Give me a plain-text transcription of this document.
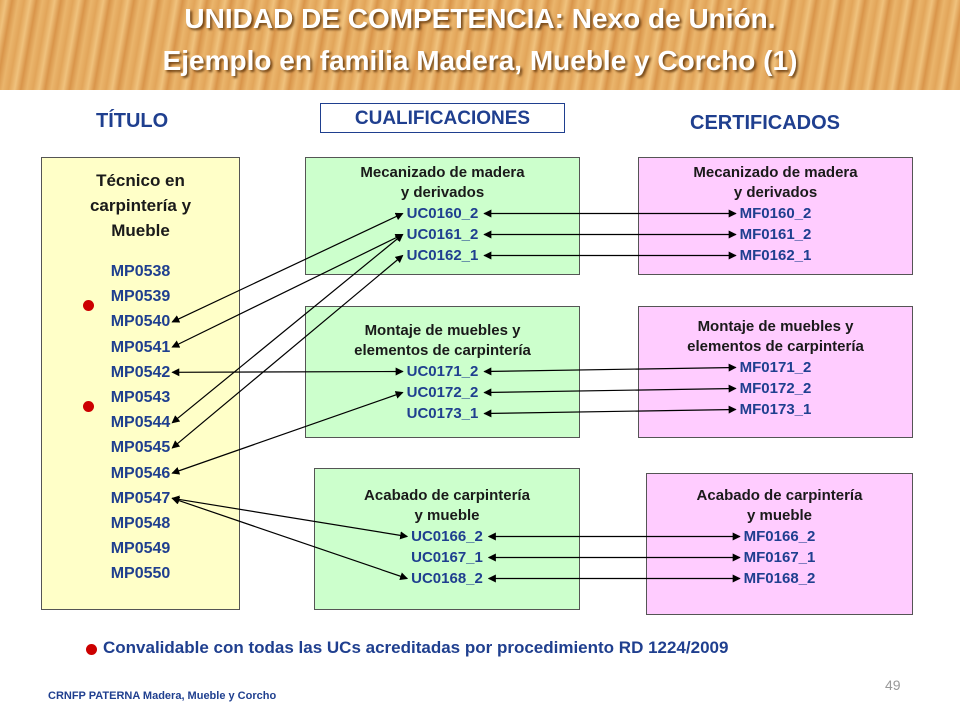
UNIDAD DE COMPETENCIA: Nexo de Unión.
Ejemplo en familia Madera, Mueble y Corcho (1)
TÍTULO	CUALIFICACIONES	CERTIFICADOS
Técnico en
carpintería y
Mueble
MP0538
MP0539
MP0540
MP0541
MP0542
MP0543
MP0544
MP0545
MP0546
MP0547
MP0548
MP0549
MP0550
Mecanizado de madera
y derivados
UC0160_2
UC0161_2
UC0162_1
Montaje de muebles y
elementos de carpintería
UC0171_2
UC0172_2
UC0173_1
Acabado de carpintería
y mueble
UC0166_2
UC0167_1
UC0168_2
Mecanizado de madera
y derivados
MF0160_2
MF0161_2
MF0162_1
Montaje de muebles y
elementos de carpintería
MF0171_2
MF0172_2
MF0173_1
Acabado de carpintería
y mueble
MF0166_2
MF0167_1
MF0168_2
Convalidable con todas las UCs acreditadas por procedimiento RD 1224/2009
CRNFP PATERNA Madera, Mueble y Corcho
49
